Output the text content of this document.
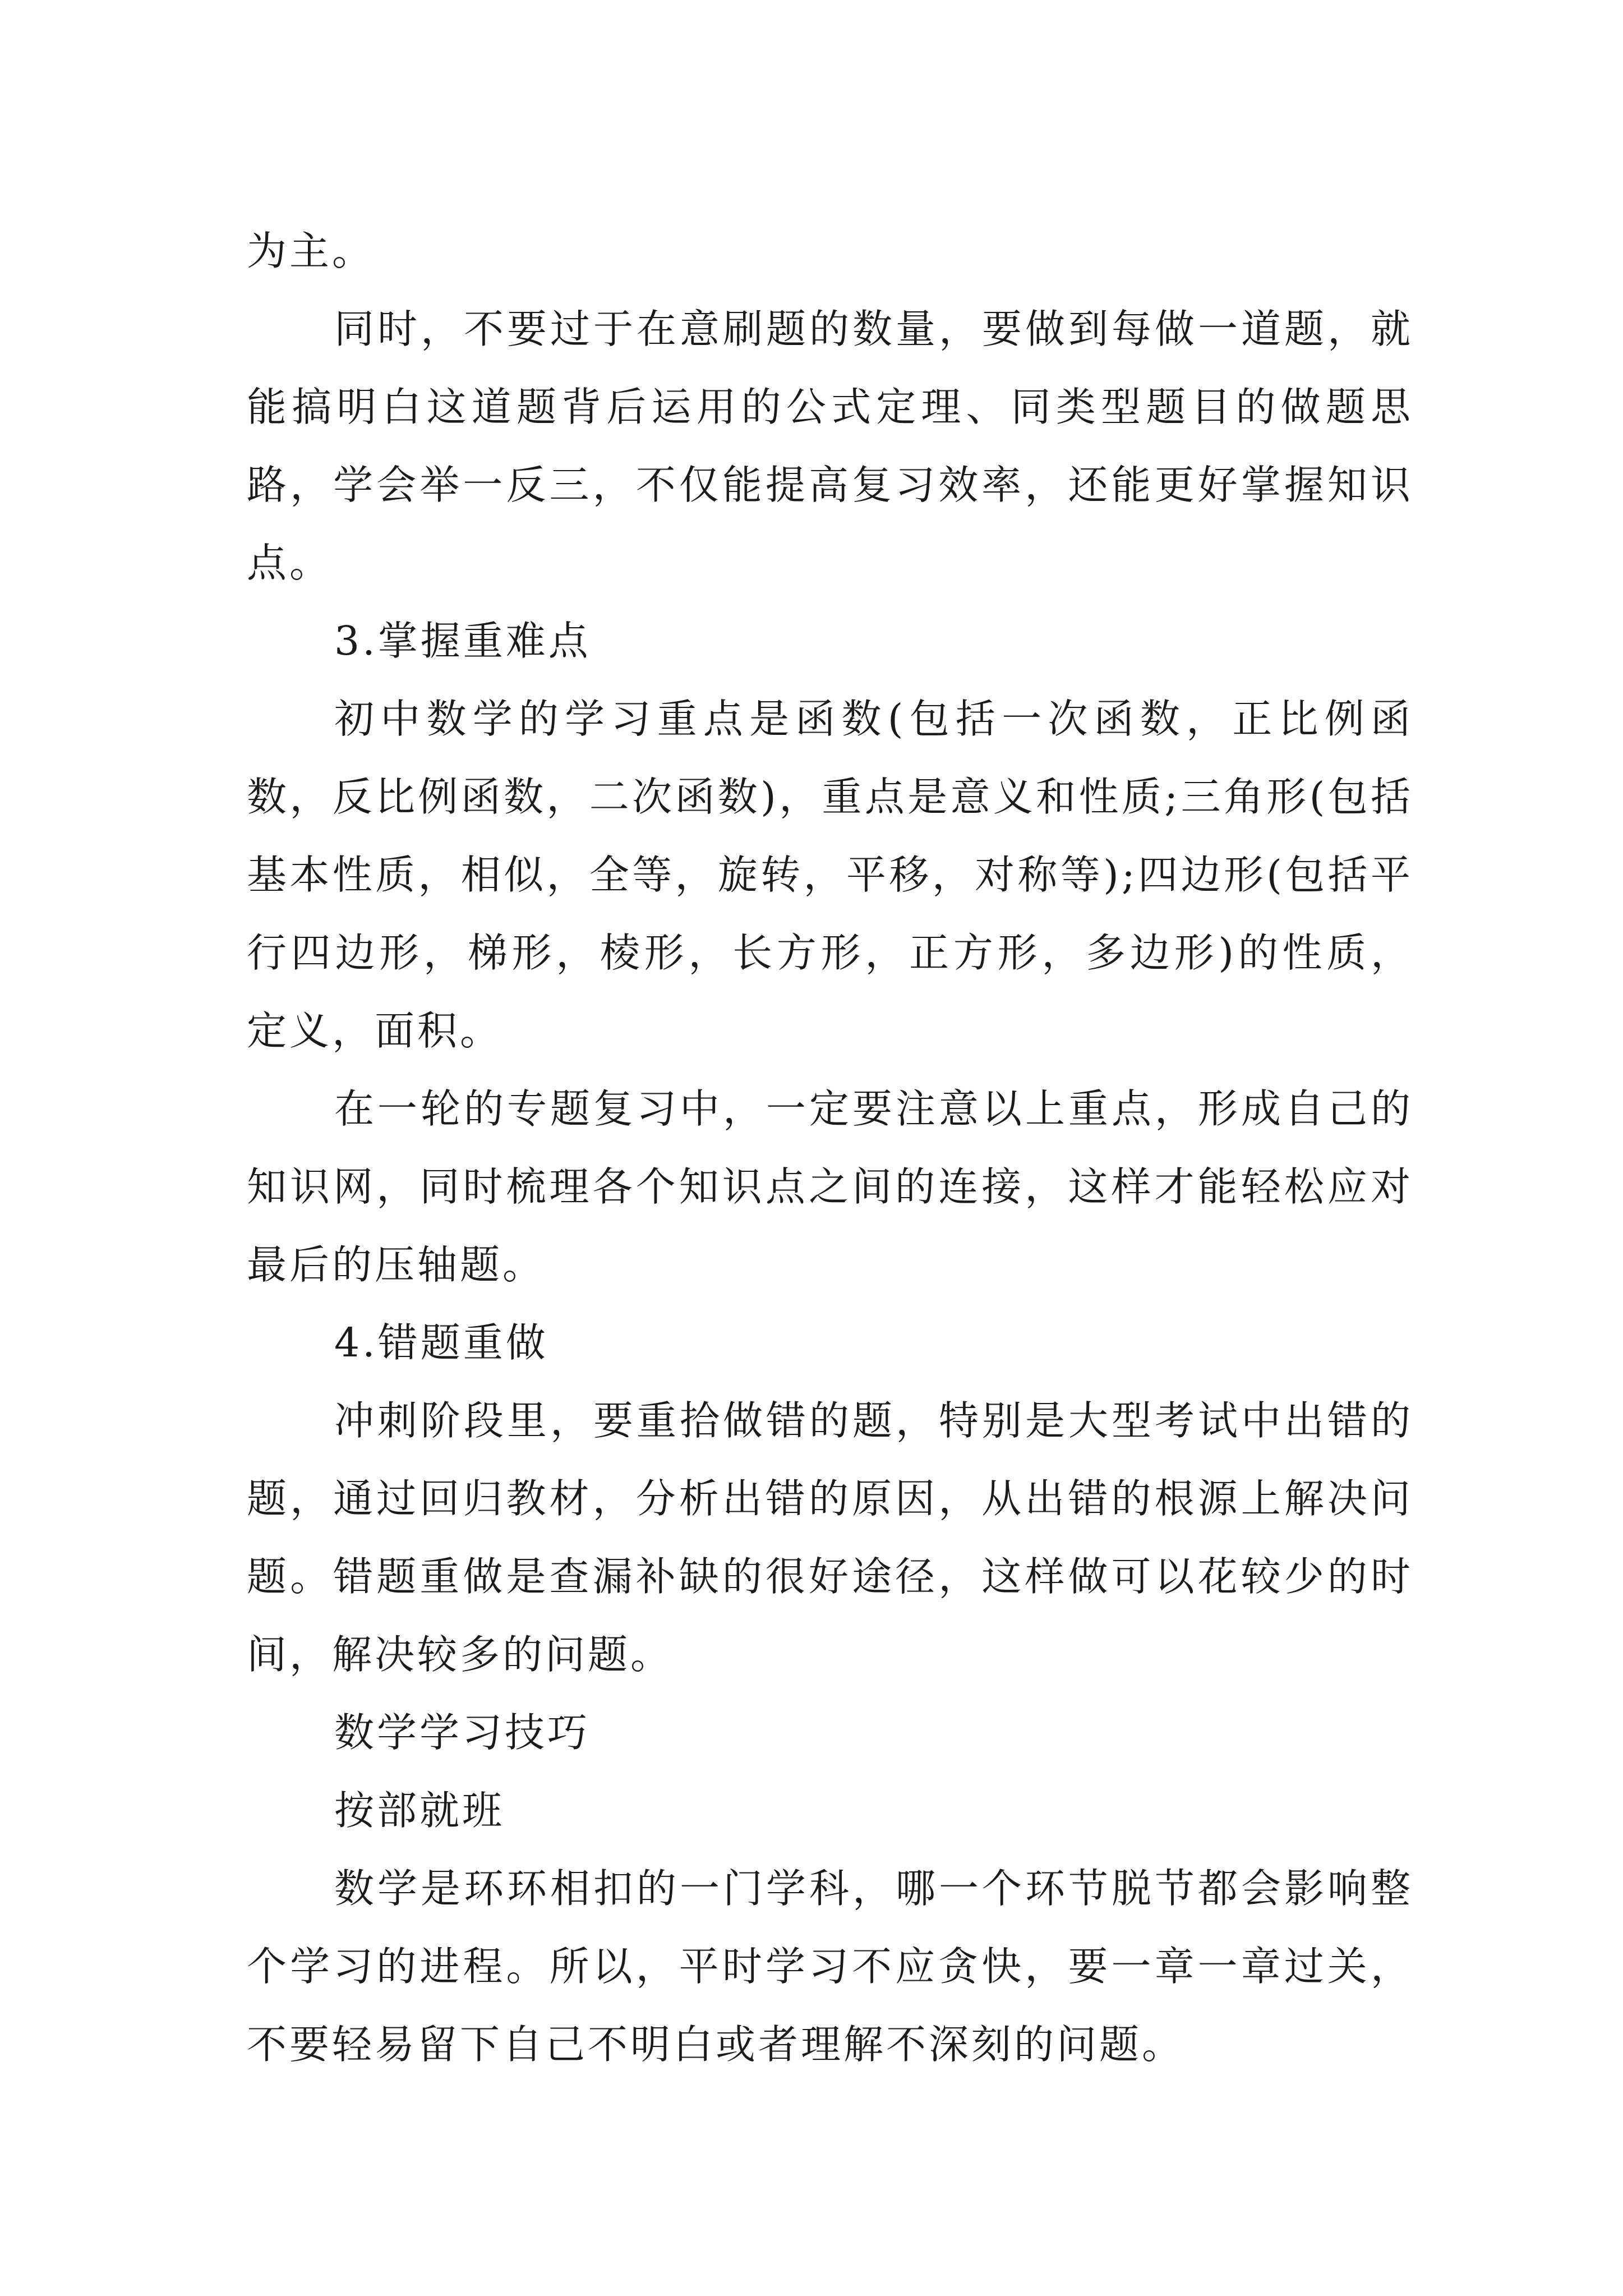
为主。

同时，不要过于在意刷题的数量，要做到每做一道题，就能搞明白这道题背后运用的公式定理、同类型题目的做题思路，学会举一反三，不仅能提高复习效率，还能更好掌握知识点。

3.掌握重难点

初中数学的学习重点是函数(包括一次函数，正比例函数，反比例函数，二次函数)，重点是意义和性质;三角形(包括基本性质，相似，全等，旋转，平移，对称等);四边形(包括平行四边形，梯形，棱形，长方形，正方形，多边形)的性质，定义，面积。

在一轮的专题复习中，一定要注意以上重点，形成自己的知识网，同时梳理各个知识点之间的连接，这样才能轻松应对最后的压轴题。

4.错题重做

冲刺阶段里，要重拾做错的题，特别是大型考试中出错的题，通过回归教材，分析出错的原因，从出错的根源上解决问题。错题重做是查漏补缺的很好途径，这样做可以花较少的时间，解决较多的问题。

数学学习技巧

按部就班

数学是环环相扣的一门学科，哪一个环节脱节都会影响整个学习的进程。所以，平时学习不应贪快，要一章一章过关，不要轻易留下自己不明白或者理解不深刻的问题。
